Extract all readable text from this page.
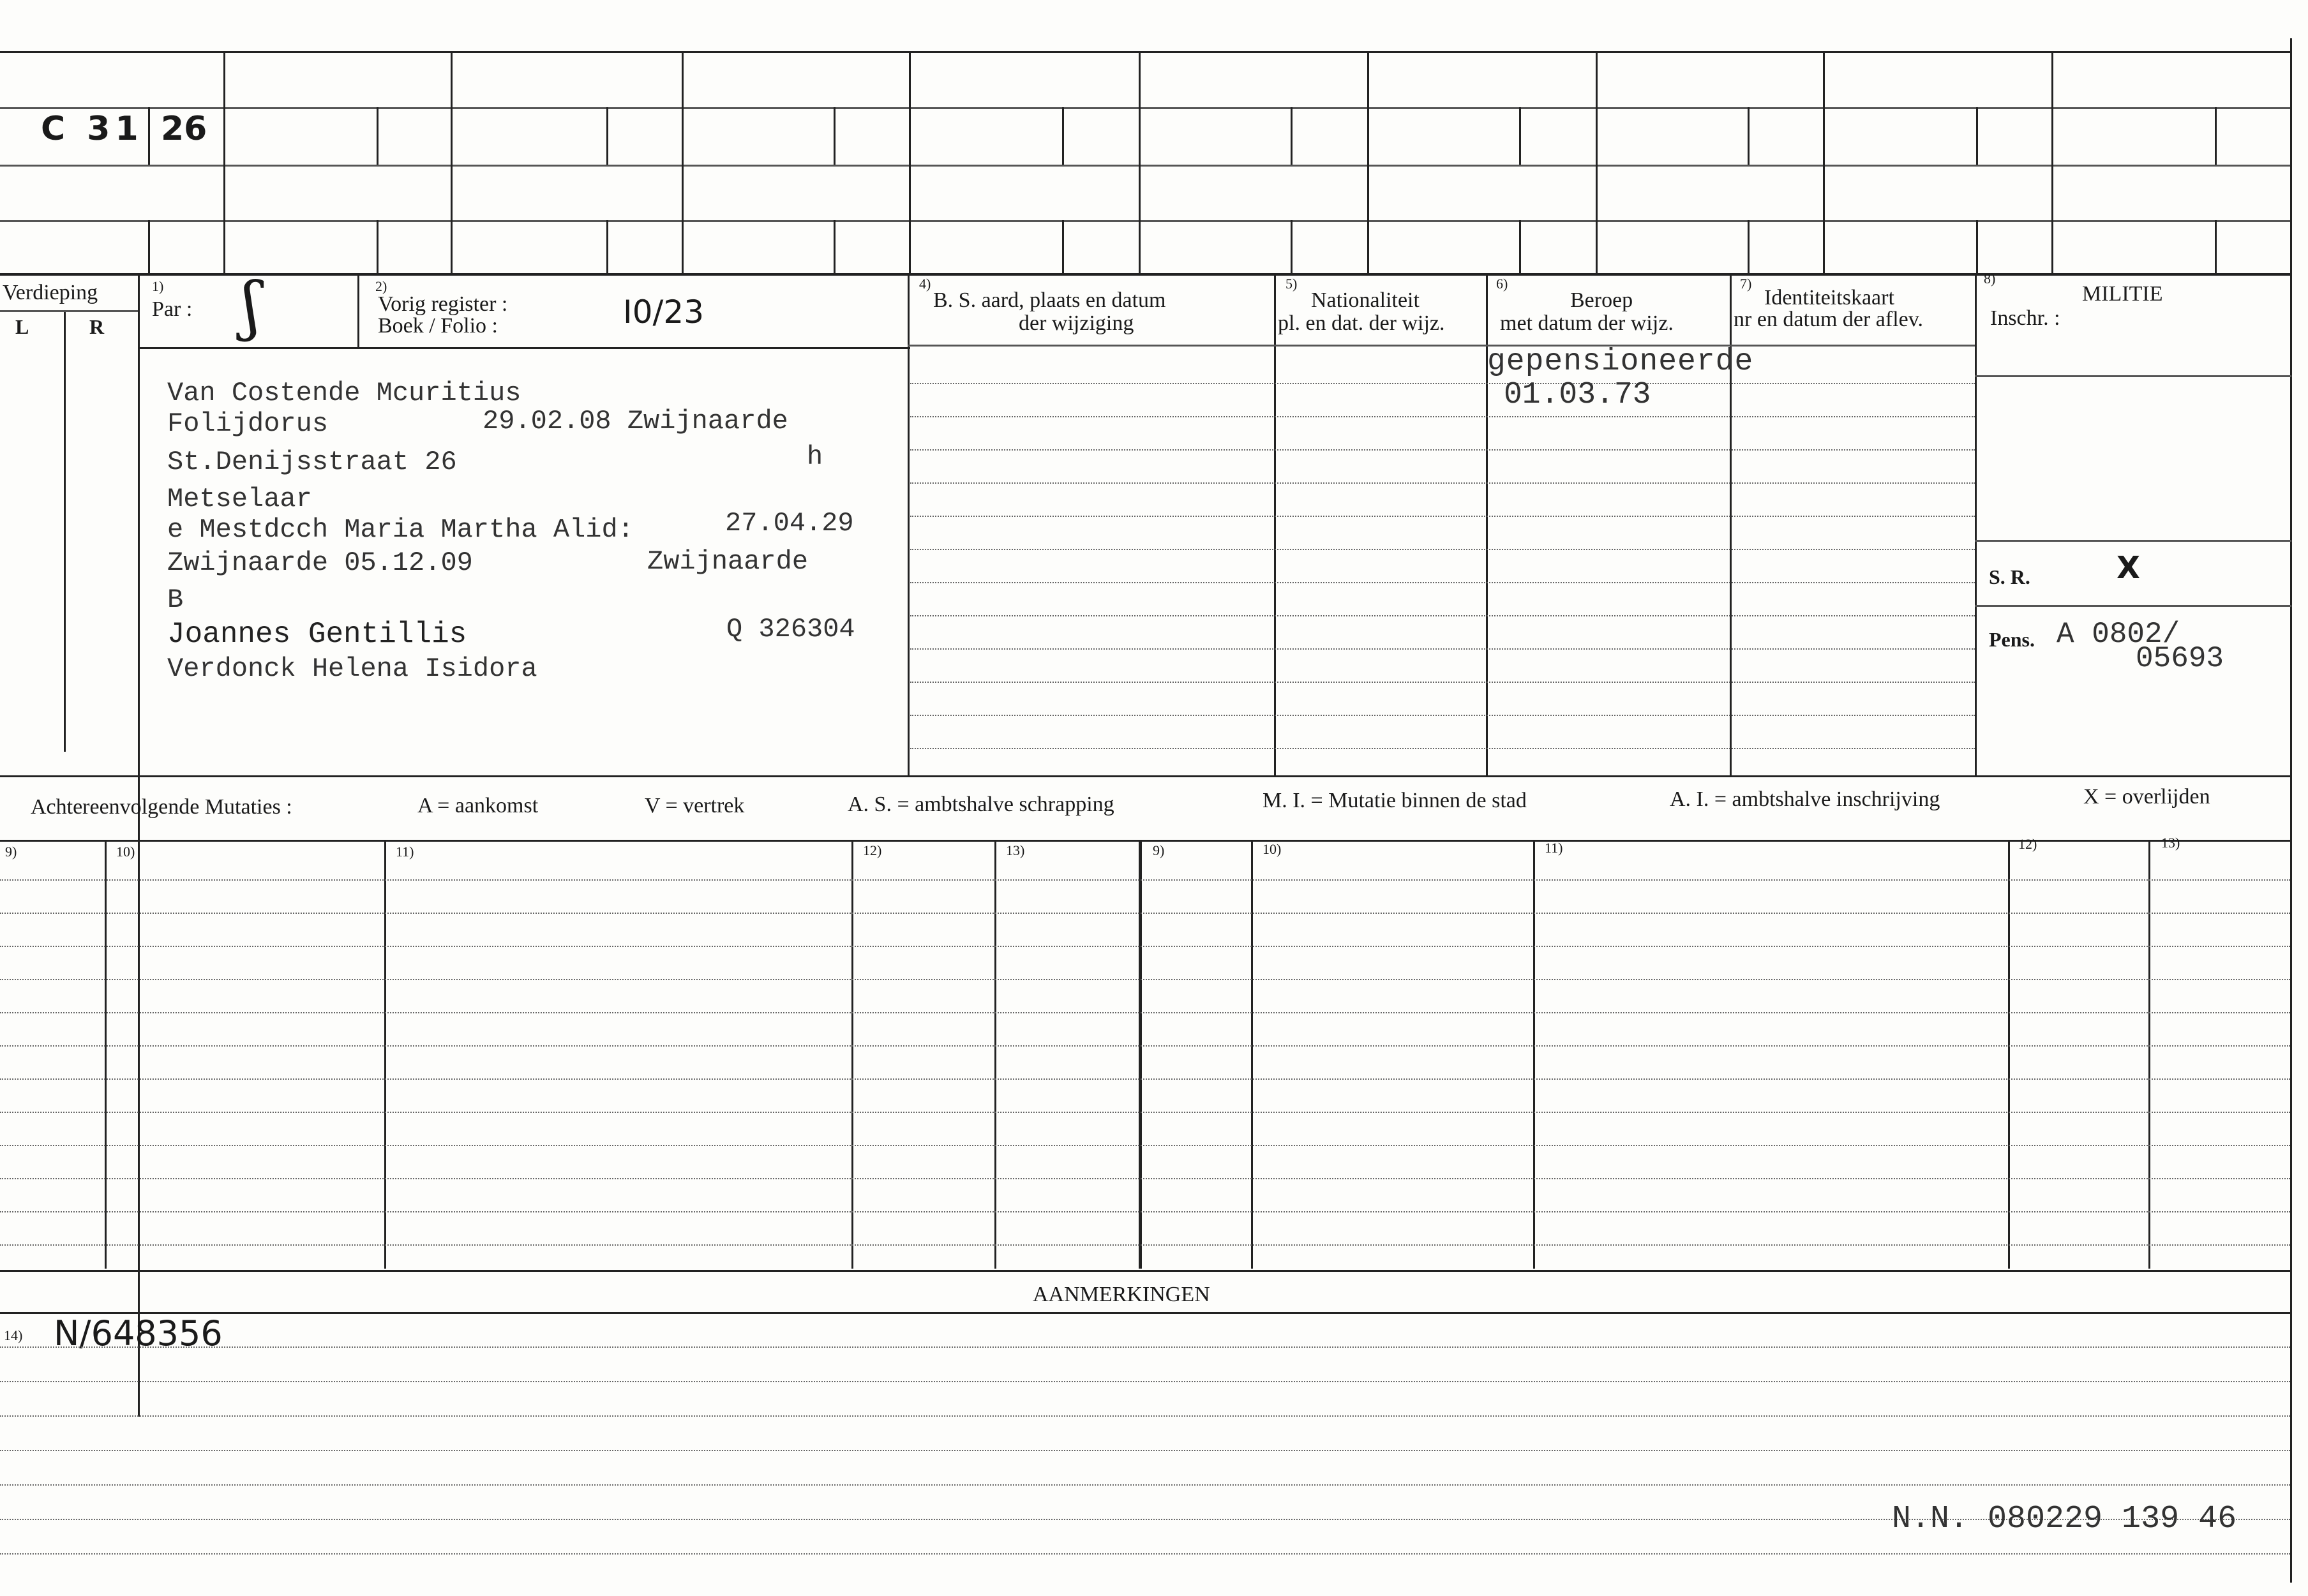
C 31 26
Verdieping
L	R
1)
Par : ʃ	2)
Vorig register :
Boek / Folio :	I0/23
4)
B. S. aard, plaats en datum
der wijziging
5)
Nationaliteit
pl. en dat. der wijz.
6)
Beroep
met datum der wijz.
7)
Identiteitskaart
nr en datum der aflev.
8)
MILITIE
Inschr. :
Van Costende Mcuritius
Folijdorus	29.02.08 Zwijnaarde
St.Denijsstraat 26	h
Metselaar
e Mestdcch Maria Martha Alid:	27.04.29
Zwijnaarde 05.12.09	Zwijnaarde
B
Joannes Gentillis	Q 326304
Verdonck Helena Isidora
gepensioneerde
01.03.73
S. R.	X
Pens. A 0802/
05693
Achtereenvolgende Mutaties :	A = aankomst	V = vertrek	A. S. = ambtshalve schrapping	M. I. = Mutatie binnen de stad	A. I. = ambtshalve inschrijving	X = overlijden
9)	10)	11)	12)	13)	9)	10)	11)	12)	13)
AANMERKINGEN
14) N/648356
N.N. 080229 139 46
